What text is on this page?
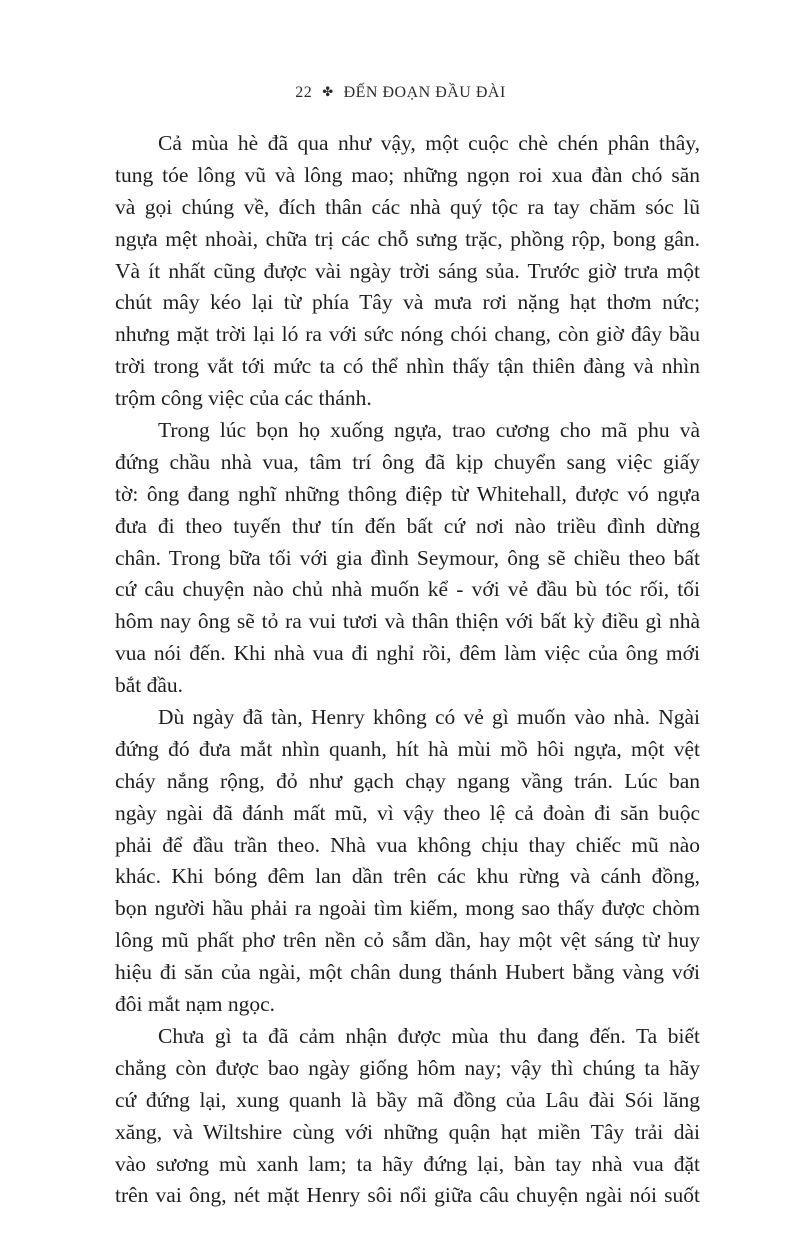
22 ✤ ĐẾN ĐOẠN ĐẦU ĐÀI
Cả mùa hè đã qua như vậy, một cuộc chè chén phân thây,
tung tóe lông vũ và lông mao; những ngọn roi xua đàn chó săn
và gọi chúng về, đích thân các nhà quý tộc ra tay chăm sóc lũ
ngựa mệt nhoài, chữa trị các chỗ sưng trặc, phồng rộp, bong gân.
Và ít nhất cũng được vài ngày trời sáng sủa. Trước giờ trưa một
chút mây kéo lại từ phía Tây và mưa rơi nặng hạt thơm nức;
nhưng mặt trời lại ló ra với sức nóng chói chang, còn giờ đây bầu
trời trong vắt tới mức ta có thể nhìn thấy tận thiên đàng và nhìn
trộm công việc của các thánh.
Trong lúc bọn họ xuống ngựa, trao cương cho mã phu và
đứng chầu nhà vua, tâm trí ông đã kịp chuyển sang việc giấy
tờ: ông đang nghĩ những thông điệp từ Whitehall, được vó ngựa
đưa đi theo tuyến thư tín đến bất cứ nơi nào triều đình dừng
chân. Trong bữa tối với gia đình Seymour, ông sẽ chiều theo bất
cứ câu chuyện nào chủ nhà muốn kể - với vẻ đầu bù tóc rối, tối
hôm nay ông sẽ tỏ ra vui tươi và thân thiện với bất kỳ điều gì nhà
vua nói đến. Khi nhà vua đi nghỉ rồi, đêm làm việc của ông mới
bắt đầu.
Dù ngày đã tàn, Henry không có vẻ gì muốn vào nhà. Ngài
đứng đó đưa mắt nhìn quanh, hít hà mùi mồ hôi ngựa, một vệt
cháy nắng rộng, đỏ như gạch chạy ngang vầng trán. Lúc ban
ngày ngài đã đánh mất mũ, vì vậy theo lệ cả đoàn đi săn buộc
phải để đầu trần theo. Nhà vua không chịu thay chiếc mũ nào
khác. Khi bóng đêm lan dần trên các khu rừng và cánh đồng,
bọn người hầu phải ra ngoài tìm kiếm, mong sao thấy được chòm
lông mũ phất phơ trên nền cỏ sẫm dần, hay một vệt sáng từ huy
hiệu đi săn của ngài, một chân dung thánh Hubert bằng vàng với
đôi mắt nạm ngọc.
Chưa gì ta đã cảm nhận được mùa thu đang đến. Ta biết
chẳng còn được bao ngày giống hôm nay; vậy thì chúng ta hãy
cứ đứng lại, xung quanh là bầy mã đồng của Lâu đài Sói lăng
xăng, và Wiltshire cùng với những quận hạt miền Tây trải dài
vào sương mù xanh lam; ta hãy đứng lại, bàn tay nhà vua đặt
trên vai ông, nét mặt Henry sôi nổi giữa câu chuyện ngài nói suốt
